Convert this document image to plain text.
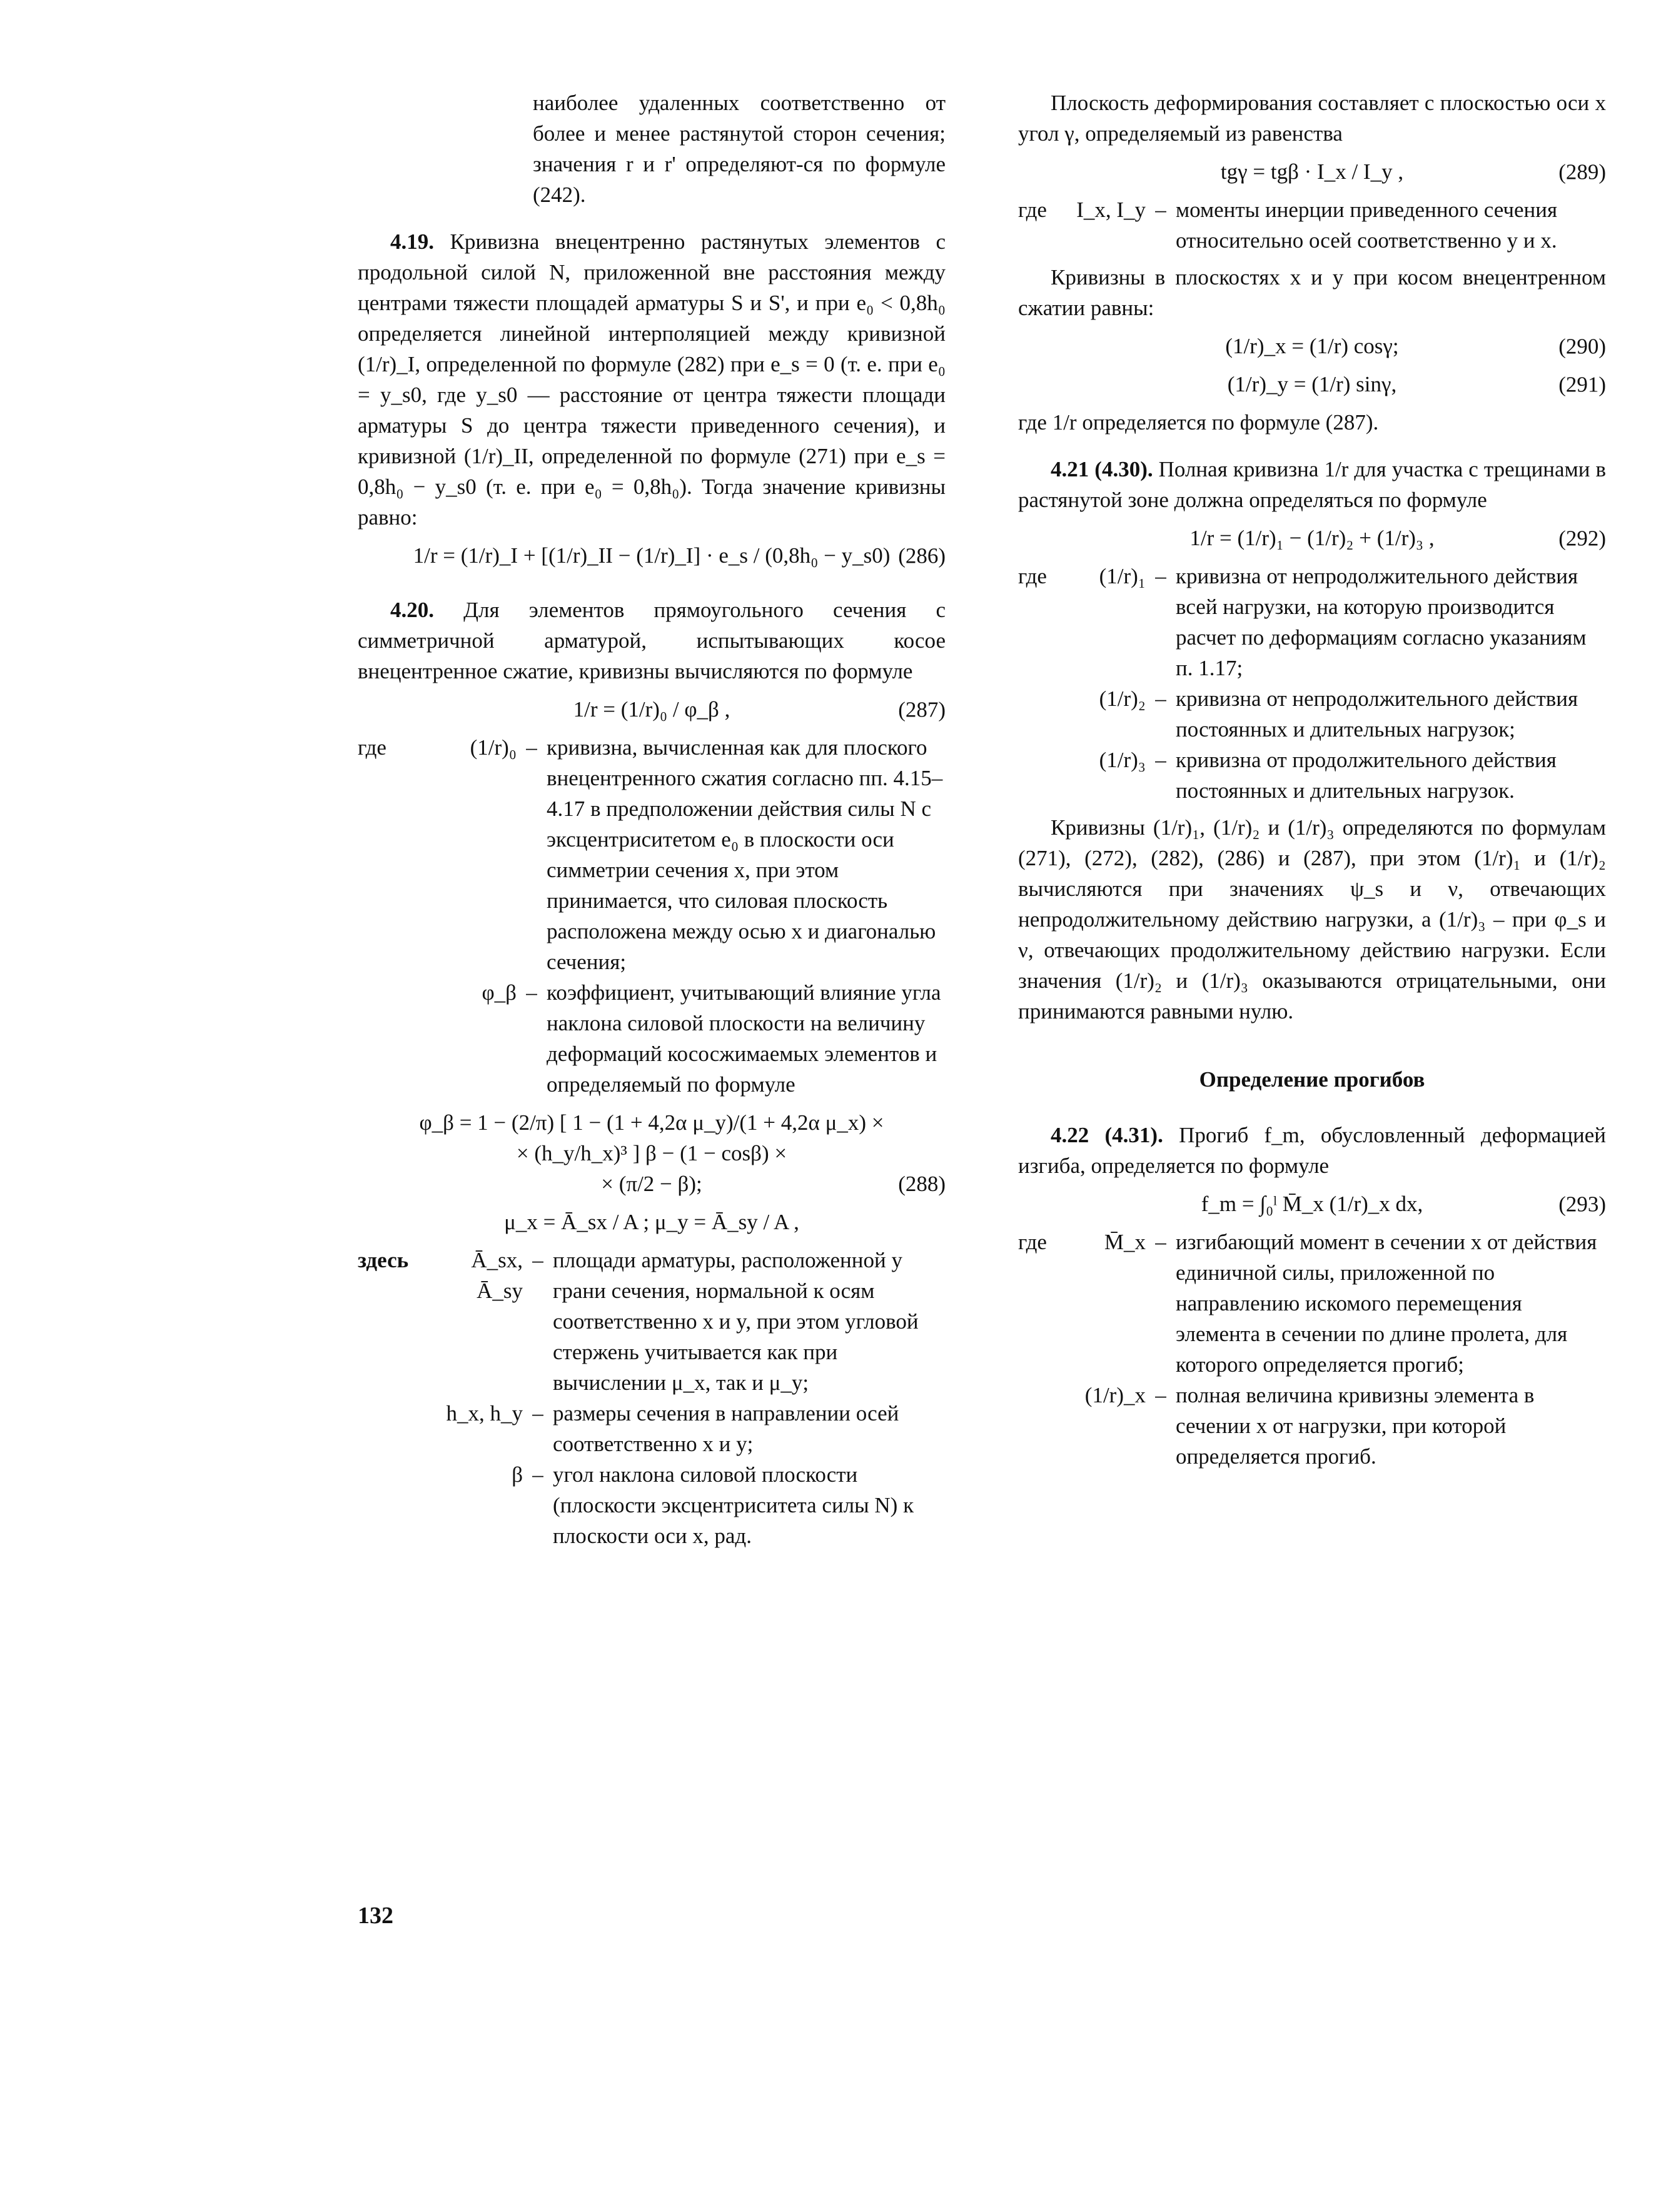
наиболее удаленных соответственно от более и менее растянутой сторон сечения; значения r и r' определяют-ся по формуле (242).

4.19. Кривизна внецентренно растянутых элементов с продольной силой N, приложенной вне расстояния между центрами тяжести площадей арматуры S и S', и при e₀ < 0,8h₀ определяется линейной интерполяцией между кривизной (1/r)_I, определенной по формуле (282) при e_s = 0 (т. е. при e₀ = y_s0, где y_s0 — расстояние от центра тяжести площади арматуры S до центра тяжести приведенного сечения), и кривизной (1/r)_II, определенной по формуле (271) при e_s = 0,8h₀ − y_s0 (т. е. при e₀ = 0,8h₀). Тогда значение кривизны равно:

1/r = (1/r)_I + [(1/r)_II − (1/r)_I] · e_s / (0,8h₀ − y_s0) (286)

4.20. Для элементов прямоугольного сечения с симметричной арматурой, испытывающих косое внецентренное сжатие, кривизны вычисляются по формуле

1/r = (1/r)₀ / φ_β ,	(287)
где	(1/r)₀ – кривизна, вычисленная как для плоского внецентренного сжатия согласно пп. 4.15–4.17 в предположении действия силы N с эксцентриситетом e₀ в плоскости оси симметрии сечения x, при этом принимается, что силовая плоскость расположена между осью x и диагональю сечения;
φ_β – коэффициент, учитывающий влияние угла наклона силовой плоскости на величину деформаций кососжимаемых элементов и определяемый по формуле
φ_β = 1 − (2/π) [ 1 − (1 + 4,2α μ_y)/(1 + 4,2α μ_x) ×
× (h_y/h_x)³ ] β − (1 − cosβ) ×
× (π/2 − β);	(288)
μ_x = Ā_sx / A ; μ_y = Ā_sy / A ,
здесь	Ā_sx, Ā_sy
– площади арматуры, расположенной у грани сечения, нормальной к осям соответственно x и y, при этом угловой стержень учитывается как при вычислении μ_x, так и μ_y;
h_x, h_y – размеры сечения в направлении осей соответственно x и y;
β – угол наклона силовой плоскости (плоскости эксцентриситета силы N) к плоскости оси x, рад.

Плоскость деформирования составляет с плоскостью оси x угол γ, определяемый из равенства

tgγ = tgβ · I_x / I_y ,	(289)
где	I_x, I_y – моменты инерции приведенного сечения относительно осей соответственно y и x.

Кривизны в плоскостях x и y при косом внецентренном сжатии равны:

(1/r)_x = (1/r) cosγ;	(290)
(1/r)_y = (1/r) sinγ,	(291)

где 1/r определяется по формуле (287).

4.21 (4.30). Полная кривизна 1/r для участка с трещинами в растянутой зоне должна определяться по формуле

1/r = (1/r)₁ − (1/r)₂ + (1/r)₃ ,	(292)
где	(1/r)₁ – кривизна от непродолжительного действия всей нагрузки, на которую производится расчет по деформациям согласно указаниям п. 1.17;
(1/r)₂ – кривизна от непродолжительного действия постоянных и длительных нагрузок;
(1/r)₃ – кривизна от продолжительного действия постоянных и длительных нагрузок.

Кривизны (1/r)₁, (1/r)₂ и (1/r)₃ определяются по формулам (271), (272), (282), (286) и (287), при этом (1/r)₁ и (1/r)₂ вычисляются при значениях ψ_s и ν, отвечающих непродолжительному действию нагрузки, а (1/r)₃ – при φ_s и ν, отвечающих продолжительному действию нагрузки. Если значения (1/r)₂ и (1/r)₃ оказываются отрицательными, они принимаются равными нулю.

Определение прогибов

4.22 (4.31). Прогиб f_m, обусловленный деформацией изгиба, определяется по формуле

f_m = ∫₀ˡ M̄_x (1/r)_x dx,	(293)
где	M̄_x – изгибающий момент в сечении x от действия единичной силы, приложенной по направлению искомого перемещения элемента в сечении по длине пролета, для которого определяется прогиб;
(1/r)_x – полная величина кривизны элемента в сечении x от нагрузки, при которой определяется прогиб.
132
